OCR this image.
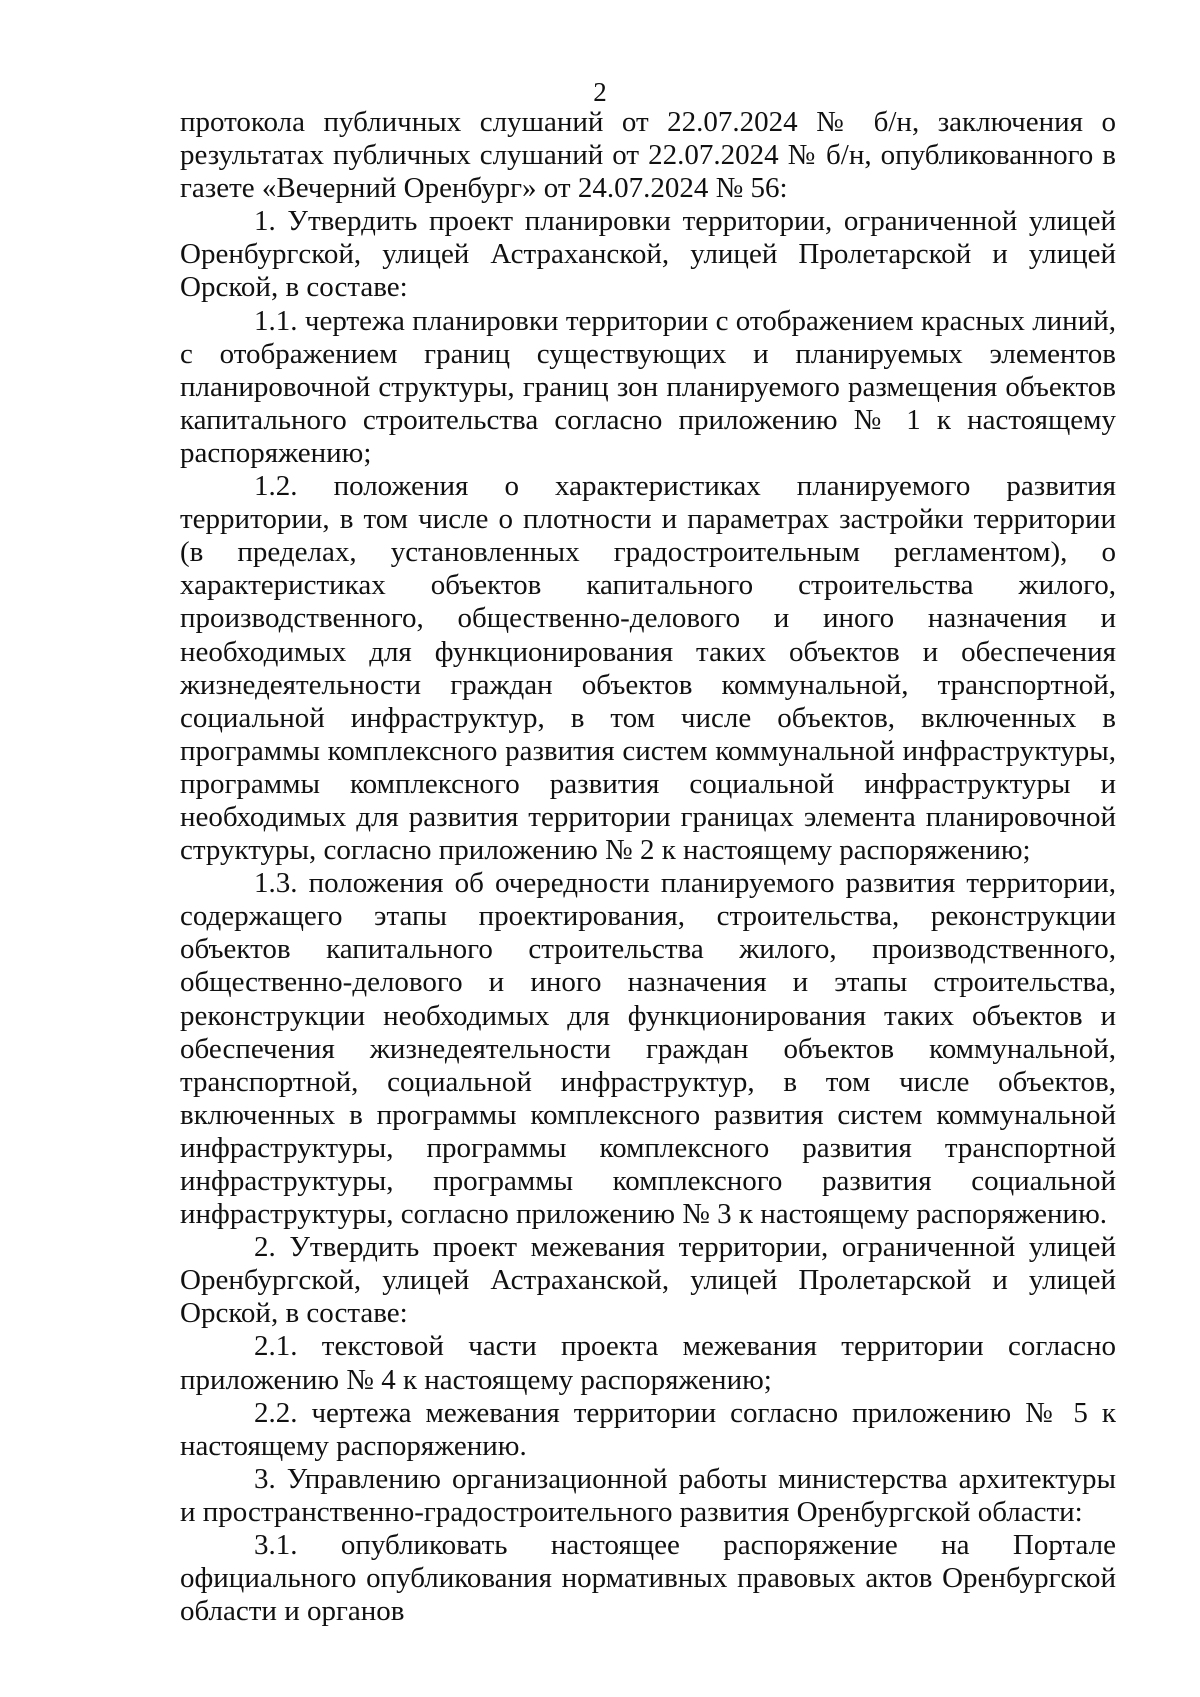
2

протокола публичных слушаний от 22.07.2024 № б/н, заключения о результатах публичных слушаний от 22.07.2024 № б/н, опубликованного в газете «Вечерний Оренбург» от 24.07.2024 № 56:

1. Утвердить проект планировки территории, ограниченной улицей Оренбургской, улицей Астраханской, улицей Пролетарской и улицей Орской, в составе:

1.1. чертежа планировки территории с отображением красных линий, с отображением границ существующих и планируемых элементов планировочной структуры, границ зон планируемого размещения объектов капитального строительства согласно приложению № 1 к настоящему распоряжению;

1.2. положения о характеристиках планируемого развития территории, в том числе о плотности и параметрах застройки территории (в пределах, установленных градостроительным регламентом), о характеристиках объектов капитального строительства жилого, производственного, общественно-делового и иного назначения и необходимых для функционирования таких объектов и обеспечения жизнедеятельности граждан объектов коммунальной, транспортной, социальной инфраструктур, в том числе объектов, включенных в программы комплексного развития систем коммунальной инфраструктуры, программы комплексного развития социальной инфраструктуры и необходимых для развития территории границах элемента планировочной структуры, согласно приложению № 2 к настоящему распоряжению;

1.3. положения об очередности планируемого развития территории, содержащего этапы проектирования, строительства, реконструкции объектов капитального строительства жилого, производственного, общественно-делового и иного назначения и этапы строительства, реконструкции необходимых для функционирования таких объектов и обеспечения жизнедеятельности граждан объектов коммунальной, транспортной, социальной инфраструктур, в том числе объектов, включенных в программы комплексного развития систем коммунальной инфраструктуры, программы комплексного развития транспортной инфраструктуры, программы комплексного развития социальной инфраструктуры, согласно приложению № 3 к настоящему распоряжению.

2. Утвердить проект межевания территории, ограниченной улицей Оренбургской, улицей Астраханской, улицей Пролетарской и улицей Орской, в составе:

2.1. текстовой части проекта межевания территории согласно приложению № 4 к настоящему распоряжению;

2.2. чертежа межевания территории согласно приложению № 5 к настоящему распоряжению.

3. Управлению организационной работы министерства архитектуры и пространственно-градостроительного развития Оренбургской области:

3.1. опубликовать настоящее распоряжение на Портале официального опубликования нормативных правовых актов Оренбургской области и органов
